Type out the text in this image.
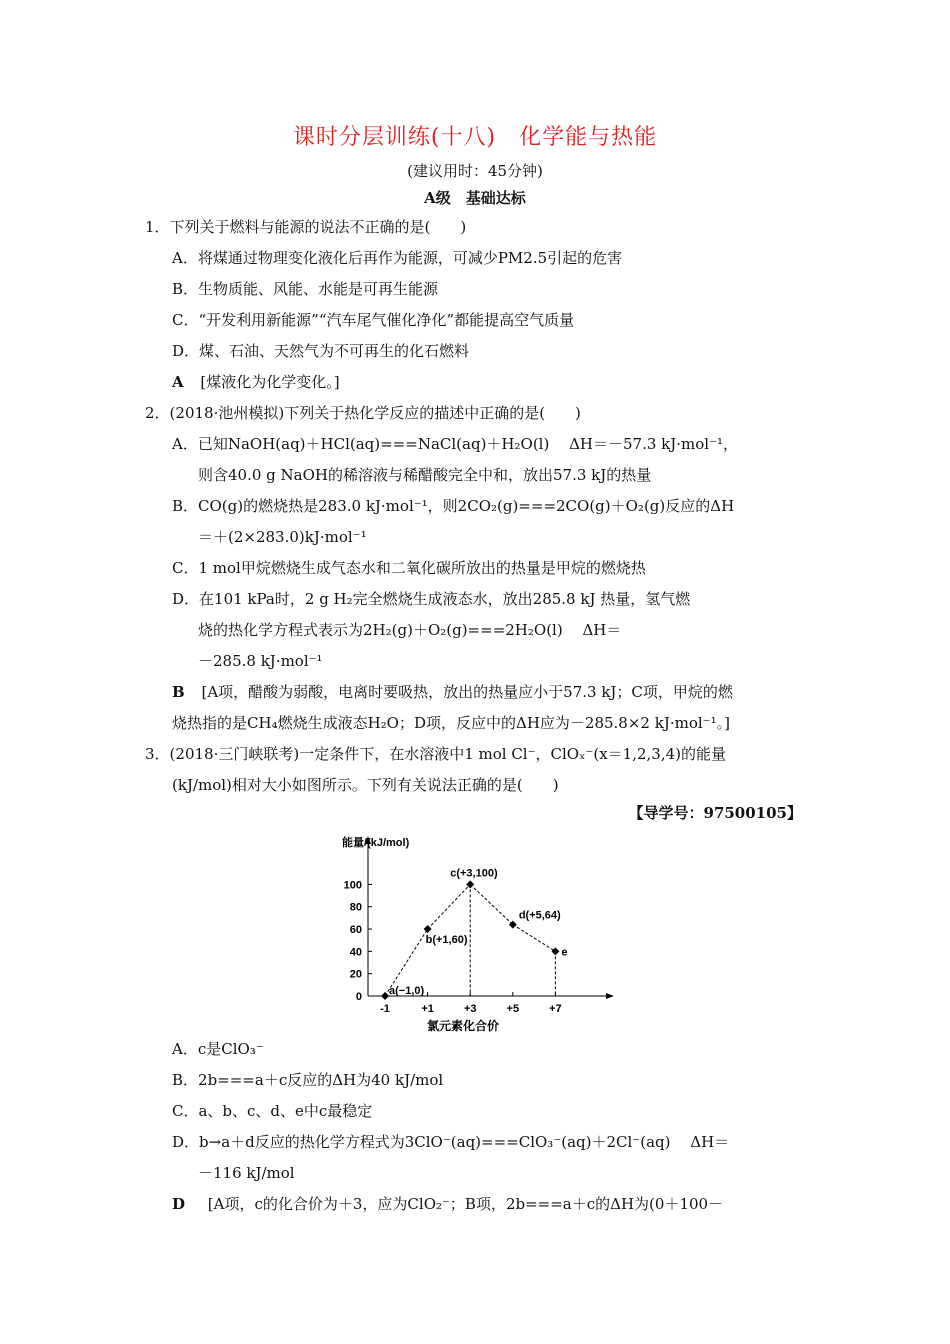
课时分层训练(十八)　化学能与热能
(建议用时：45分钟)
A级　基础达标
1．下列关于燃料与能源的说法不正确的是(　　)
A．将煤通过物理变化液化后再作为能源，可减少PM2.5引起的危害
B．生物质能、风能、水能是可再生能源
C．“开发利用新能源”“汽车尾气催化净化”都能提高空气质量
D．煤、石油、天然气为不可再生的化石燃料
A [煤液化为化学变化。]
2．(2018·池州模拟)下列关于热化学反应的描述中正确的是(　　)
A．已知NaOH(aq)＋HCl(aq)===NaCl(aq)＋H₂O(l)　 ΔH＝－57.3 kJ·mol⁻¹，
则含40.0 g NaOH的稀溶液与稀醋酸完全中和，放出57.3 kJ的热量
B．CO(g)的燃烧热是283.0 kJ·mol⁻¹，则2CO₂(g)===2CO(g)＋O₂(g)反应的ΔH
＝＋(2×283.0)kJ·mol⁻¹
C．1 mol甲烷燃烧生成气态水和二氧化碳所放出的热量是甲烷的燃烧热
D．在101 kPa时，2 g H₂完全燃烧生成液态水，放出285.8 kJ 热量，氢气燃
烧的热化学方程式表示为2H₂(g)＋O₂(g)===2H₂O(l)　 ΔH＝
－285.8 kJ·mol⁻¹
B [A项，醋酸为弱酸，电离时要吸热，放出的热量应小于57.3 kJ；C项，甲烷的燃
烧热指的是CH₄燃烧生成液态H₂O；D项，反应中的ΔH应为－285.8×2 kJ·mol⁻¹。]
3．(2018·三门峡联考)一定条件下，在水溶液中1 mol Cl⁻，ClOₓ⁻(x＝1,2,3,4)的能量
(kJ/mol)相对大小如图所示。下列有关说法正确的是(　　)
【导学号：97500105】
0
20
40
60
80
100
-1	+1	+3	+5	+7
能量/(kJ/mol)
氯元素化合价
a(−1,0)
b(+1,60)
c(+3,100)
d(+5,64)
e
A．c是ClO₃⁻
B．2b===a＋c反应的ΔH为40 kJ/mol
C．a、b、c、d、e中c最稳定
D．b→a＋d反应的热化学方程式为3ClO⁻(aq)===ClO₃⁻(aq)＋2Cl⁻(aq)　 ΔH＝
－116 kJ/mol
D [A项，c的化合价为＋3，应为ClO₂⁻；B项，2b===a＋c的ΔH为(0＋100－
